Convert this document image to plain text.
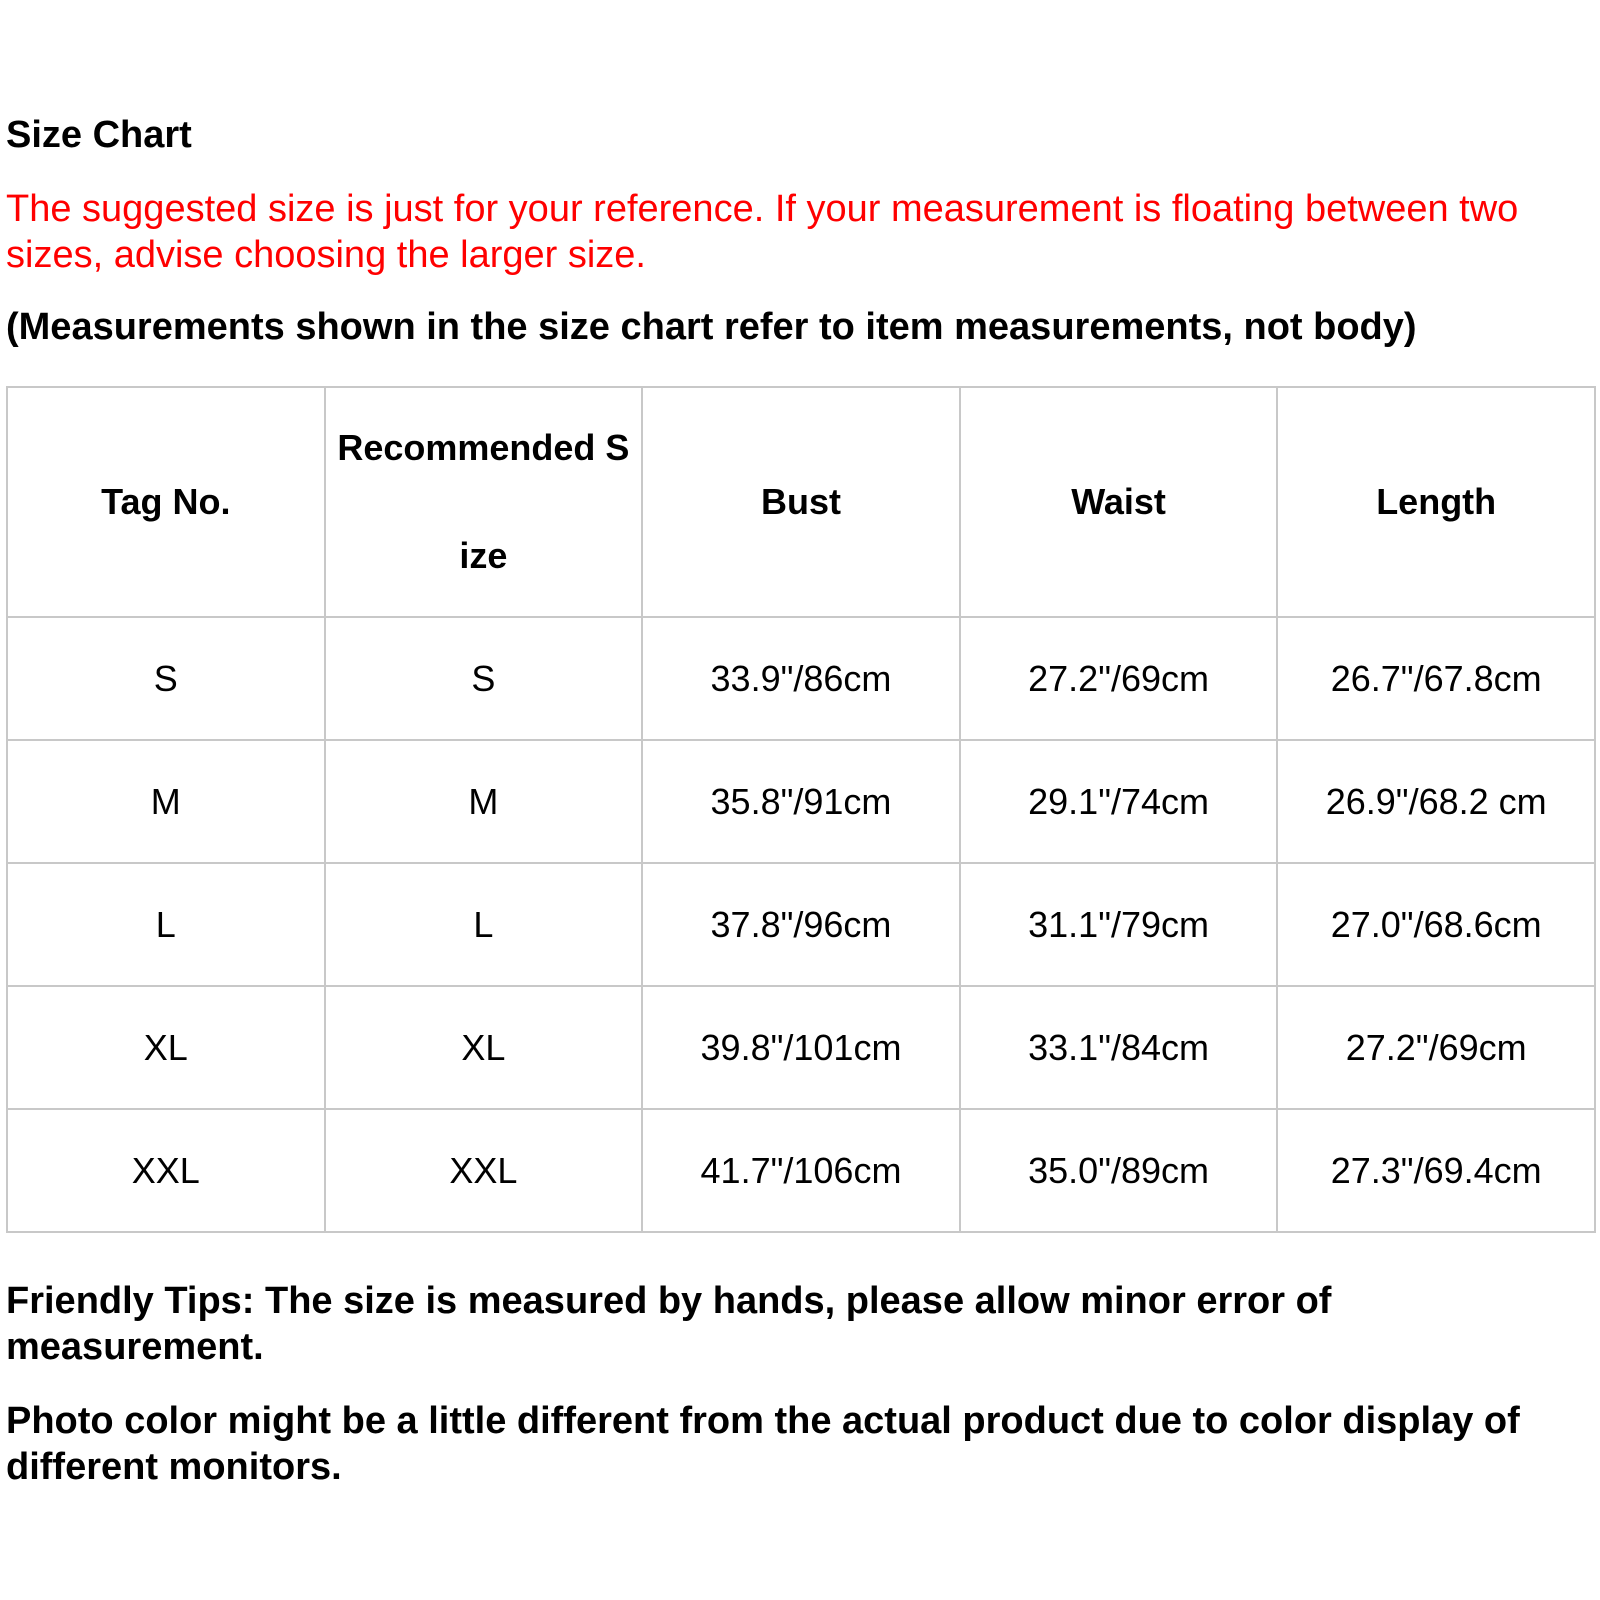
Size Chart
The suggested size is just for your reference. If your measurement is floating between two sizes, advise choosing the larger size.
(Measurements shown in the size chart refer to item measurements, not body)
Tag No.	Recommended Size	Bust	Waist	Length
S	S	33.9"/86cm	27.2"/69cm	26.7"/67.8cm
M	M	35.8"/91cm	29.1"/74cm	26.9"/68.2 cm
L	L	37.8"/96cm	31.1"/79cm	27.0"/68.6cm
XL	XL	39.8"/101cm	33.1"/84cm	27.2"/69cm
XXL	XXL	41.7"/106cm	35.0"/89cm	27.3"/69.4cm
Friendly Tips: The size is measured by hands, please allow minor error of measurement.
Photo color might be a little different from the actual product due to color display of different monitors.
